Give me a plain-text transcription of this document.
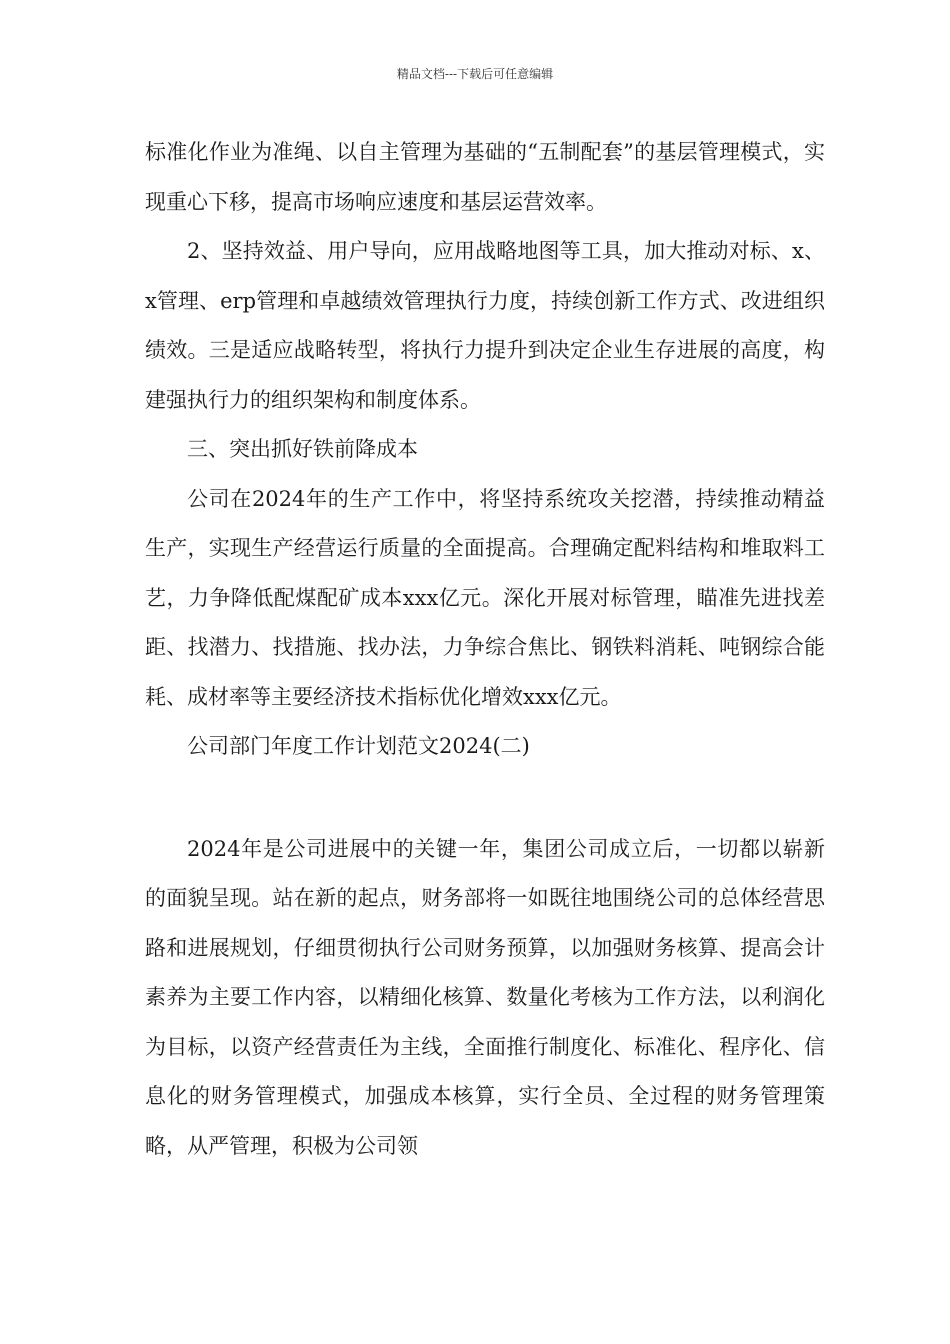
精品文档---下载后可任意编辑

标准化作业为准绳、以自主管理为基础的“五制配套”的基层管理模式，实现重心下移，提高市场响应速度和基层运营效率。

2、坚持效益、用户导向，应用战略地图等工具，加大推动对标、x、x管理、erp管理和卓越绩效管理执行力度，持续创新工作方式、改进组织绩效。三是适应战略转型，将执行力提升到决定企业生存进展的高度，构建强执行力的组织架构和制度体系。

三、突出抓好铁前降成本

公司在2024年的生产工作中，将坚持系统攻关挖潜，持续推动精益生产，实现生产经营运行质量的全面提高。合理确定配料结构和堆取料工艺，力争降低配煤配矿成本xxx亿元。深化开展对标管理，瞄准先进找差距、找潜力、找措施、找办法，力争综合焦比、钢铁料消耗、吨钢综合能耗、成材率等主要经济技术指标优化增效xxx亿元。

公司部门年度工作计划范文2024(二)

2024年是公司进展中的关键一年，集团公司成立后，一切都以崭新的面貌呈现。站在新的起点，财务部将一如既往地围绕公司的总体经营思路和进展规划，仔细贯彻执行公司财务预算，以加强财务核算、提高会计素养为主要工作内容，以精细化核算、数量化考核为工作方法，以利润化为目标，以资产经营责任为主线，全面推行制度化、标准化、程序化、信息化的财务管理模式，加强成本核算，实行全员、全过程的财务管理策略，从严管理，积极为公司领
